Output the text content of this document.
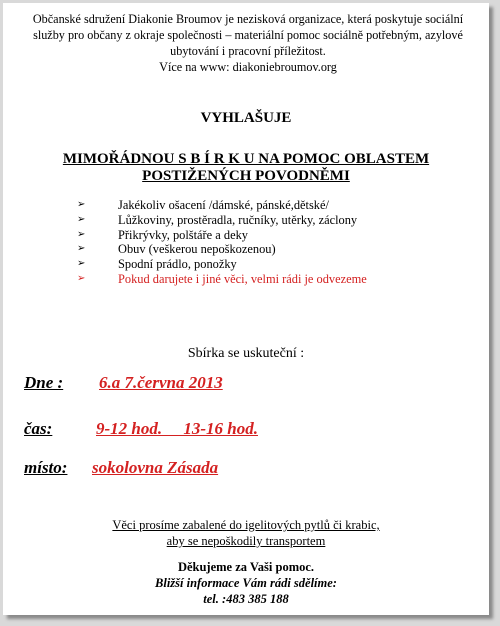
Občanské sdružení Diakonie Broumov je nezisková organizace, která poskytuje sociální

služby pro občany z okraje společnosti – materiální pomoc sociálně potřebným, azylové

ubytování i pracovní příležitost.

Více na www: diakoniebroumov.org

VYHLAŠUJE
MIMOŘÁDNOU S B Í R K U NA POMOC OBLASTEM
POSTIŽENÝCH POVODNĚMI
➢	Jakékoliv ošacení /dámské, pánské,dětské/
➢	Lůžkoviny, prostěradla, ručníky, utěrky, záclony
➢	Přikrývky, polštáře a deky
➢	Obuv (veškerou nepoškozenou)
➢	Spodní prádlo, ponožky
➢	Pokud darujete i jiné věci, velmi rádi je odvezeme
Sbírka se uskuteční :
Dne : 6.a 7.června 2013
čas:	9-12 hod.     13-16 hod.
místo: sokolovna Zásada
Věci prosíme zabalené do igelitových pytlů či krabic,
aby se nepoškodily transportem
Děkujeme za Vaši pomoc.
Bližší informace Vám rádi sdělíme:
tel. :483 385 188
